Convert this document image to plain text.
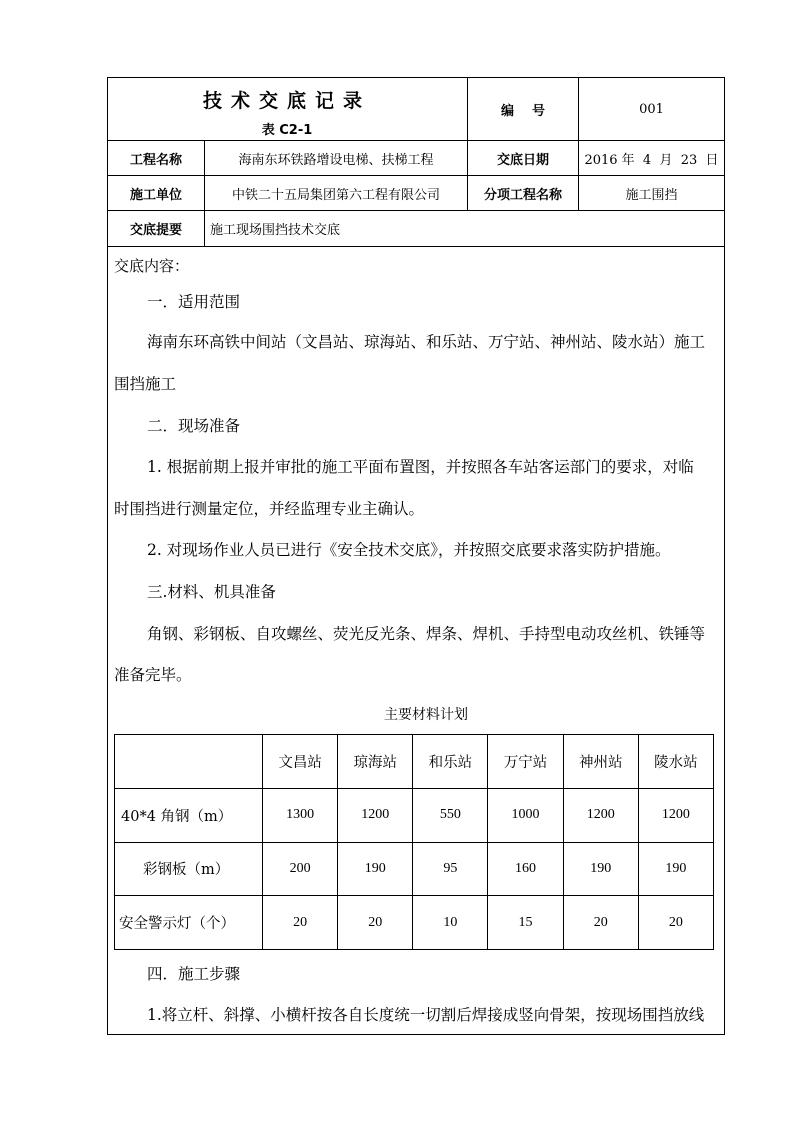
技术交底记录
表 C2-1
编    号	001
工程名称	海南东环铁路增设电梯、扶梯工程	交底日期	2016 年  4  月  23  日
施工单位	中铁二十五局集团第六工程有限公司	分项工程名称	施工围挡
交底提要 施工现场围挡技术交底
交底内容：
一．适用范围
海南东环高铁中间站（文昌站、琼海站、和乐站、万宁站、神州站、陵水站）施工
围挡施工
二．现场准备
1. 根据前期上报并审批的施工平面布置图，并按照各车站客运部门的要求，对临
时围挡进行测量定位，并经监理专业主确认。
2. 对现场作业人员已进行《安全技术交底》，并按照交底要求落实防护措施。
三.材料、机具准备
角钢、彩钢板、自攻螺丝、荧光反光条、焊条、焊机、手持型电动攻丝机、铁锤等
准备完毕。
主要材料计划
	文昌站	琼海站	和乐站	万宁站	神州站	陵水站
40*4 角钢（m）	1300	1200	550	1000	1200	1200
彩钢板（m）	200	190	95	160	190	190
安全警示灯（个）	20	20	10	15	20	20
四．施工步骤
1.将立杆、斜撑、小横杆按各自长度统一切割后焊接成竖向骨架，按现场围挡放线
